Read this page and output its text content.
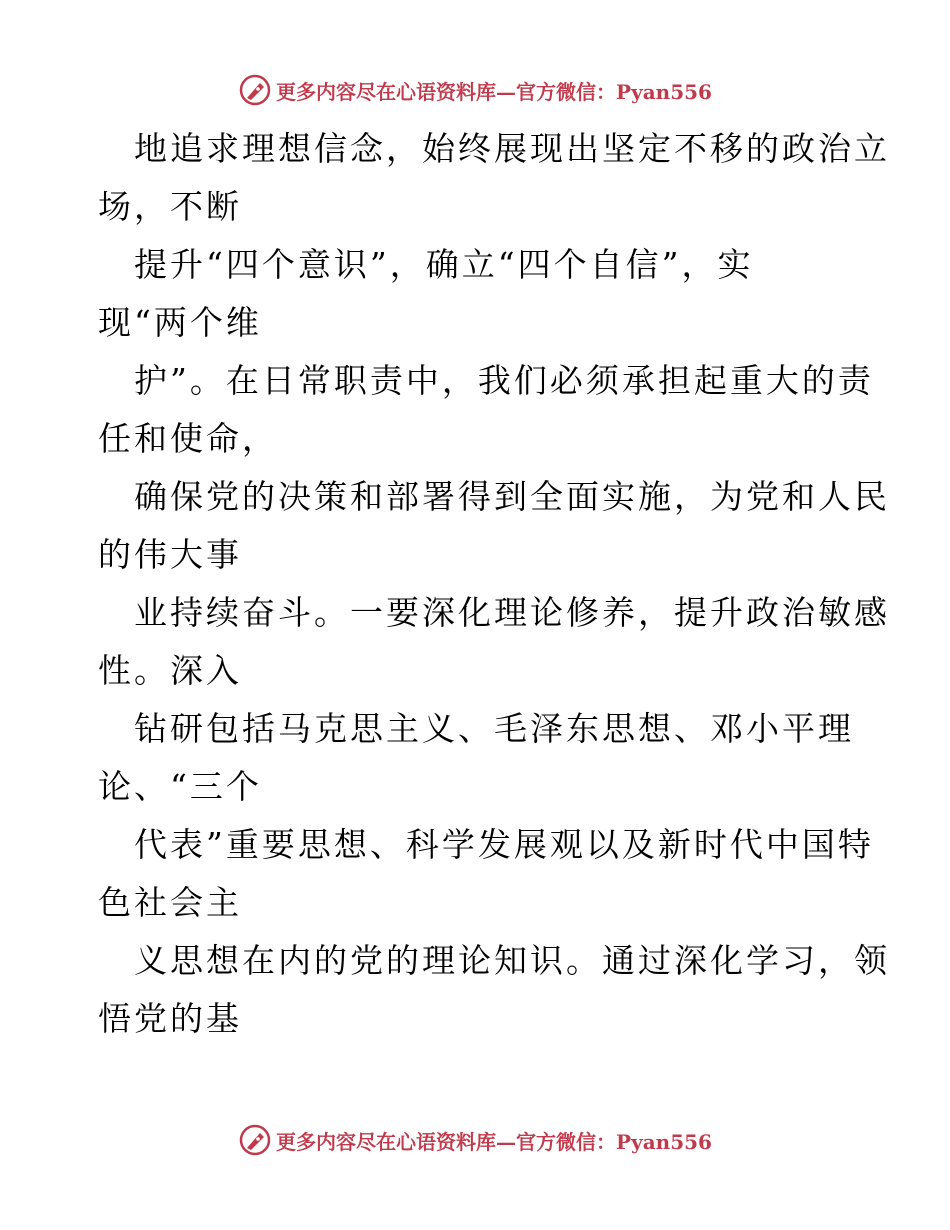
更多内容尽在心语资料库—官方微信：Pyan556
地追求理想信念，始终展现出坚定不移的政治立
场，不断
提升“四个意识”，确立“四个自信”，实
现“两个维
护”。在日常职责中，我们必须承担起重大的责
任和使命，
确保党的决策和部署得到全面实施，为党和人民
的伟大事
业持续奋斗。一要深化理论修养，提升政治敏感
性。深入
钻研包括马克思主义、毛泽东思想、邓小平理
论、“三个
代表”重要思想、科学发展观以及新时代中国特
色社会主
义思想在内的党的理论知识。通过深化学习，领
悟党的基
更多内容尽在心语资料库—官方微信：Pyan556
